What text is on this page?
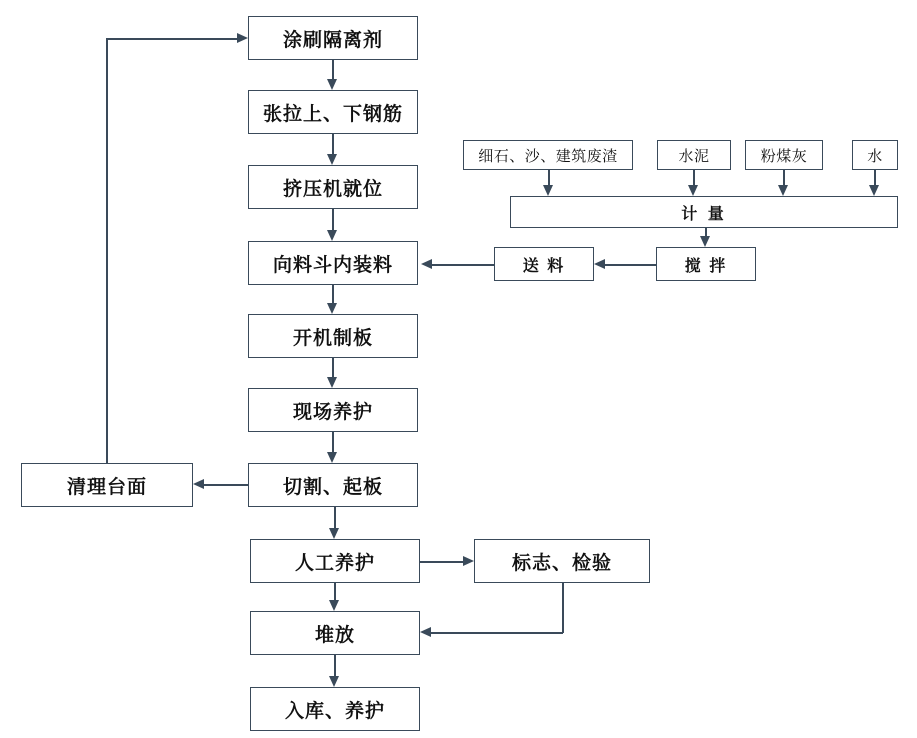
涂刷隔离剂
张拉上、下钢筋
挤压机就位
向料斗内装料
开机制板
现场养护
切割、起板
人工养护
堆放
入库、养护
清理台面
标志、检验
细石、沙、建筑废渣	水泥	粉煤灰	水
计 量
搅 拌
送 料
